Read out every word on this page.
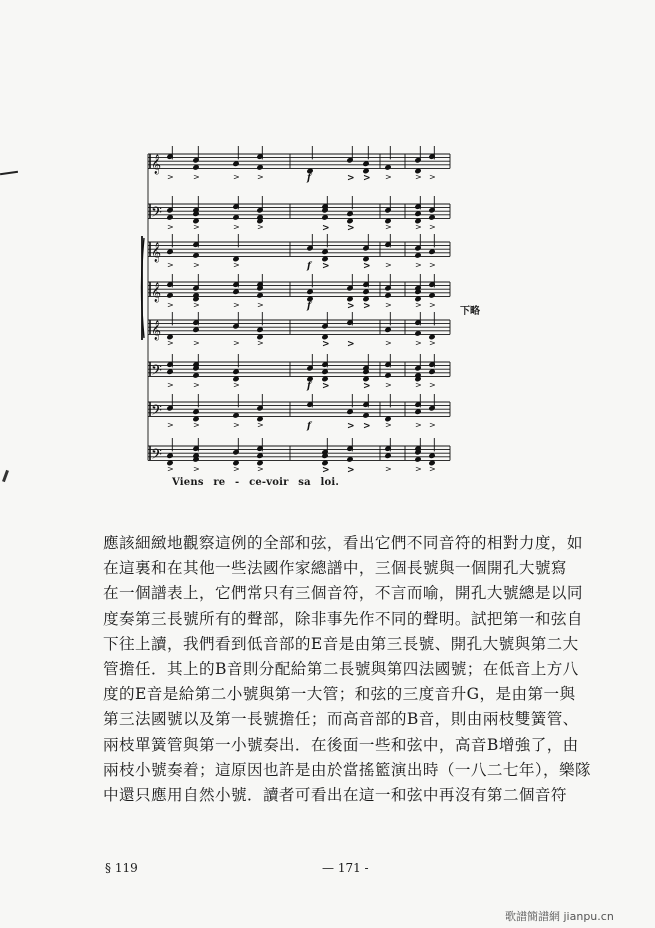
𝄞
𝄢
𝄞
𝄞
𝄞
𝄢
𝄢
𝄢
> >	> >	f	> > >	> >
> >	> >	> >	>	> >
> >	>	f >	> >	> >
> >	> >	f	> > >	> >
> >	> >	> >	>	> >
> >	>	f >	> >	> >
> >	> >	f	> > >	> >
> >	> >	> >	>	> >
下略
Viens re - ce-voir sa loi.
應該細緻地觀察這例的全部和弦，看出它們不同音符的相對力度，如
在這裏和在其他一些法國作家總譜中，三個長號與一個開孔大號寫
在一個譜表上，它們常只有三個音符，不言而喻，開孔大號總是以同
度奏第三長號所有的聲部，除非事先作不同的聲明。試把第一和弦自
下往上讀，我們看到低音部的E音是由第三長號、開孔大號與第二大
管擔任．其上的B音則分配給第二長號與第四法國號；在低音上方八
度的E音是給第二小號與第一大管；和弦的三度音升G，是由第一與
第三法國號以及第一長號擔任；而高音部的B音，則由兩枝雙簧管、
兩枝單簧管與第一小號奏出．在後面一些和弦中，高音B增強了，由
兩枝小號奏着；這原因也許是由於當搖籃演出時（一八二七年），樂隊
中還只應用自然小號．讀者可看出在這一和弦中再沒有第二個音符
§ 119	— 171 -
歌譜簡譜網 jianpu.cn
